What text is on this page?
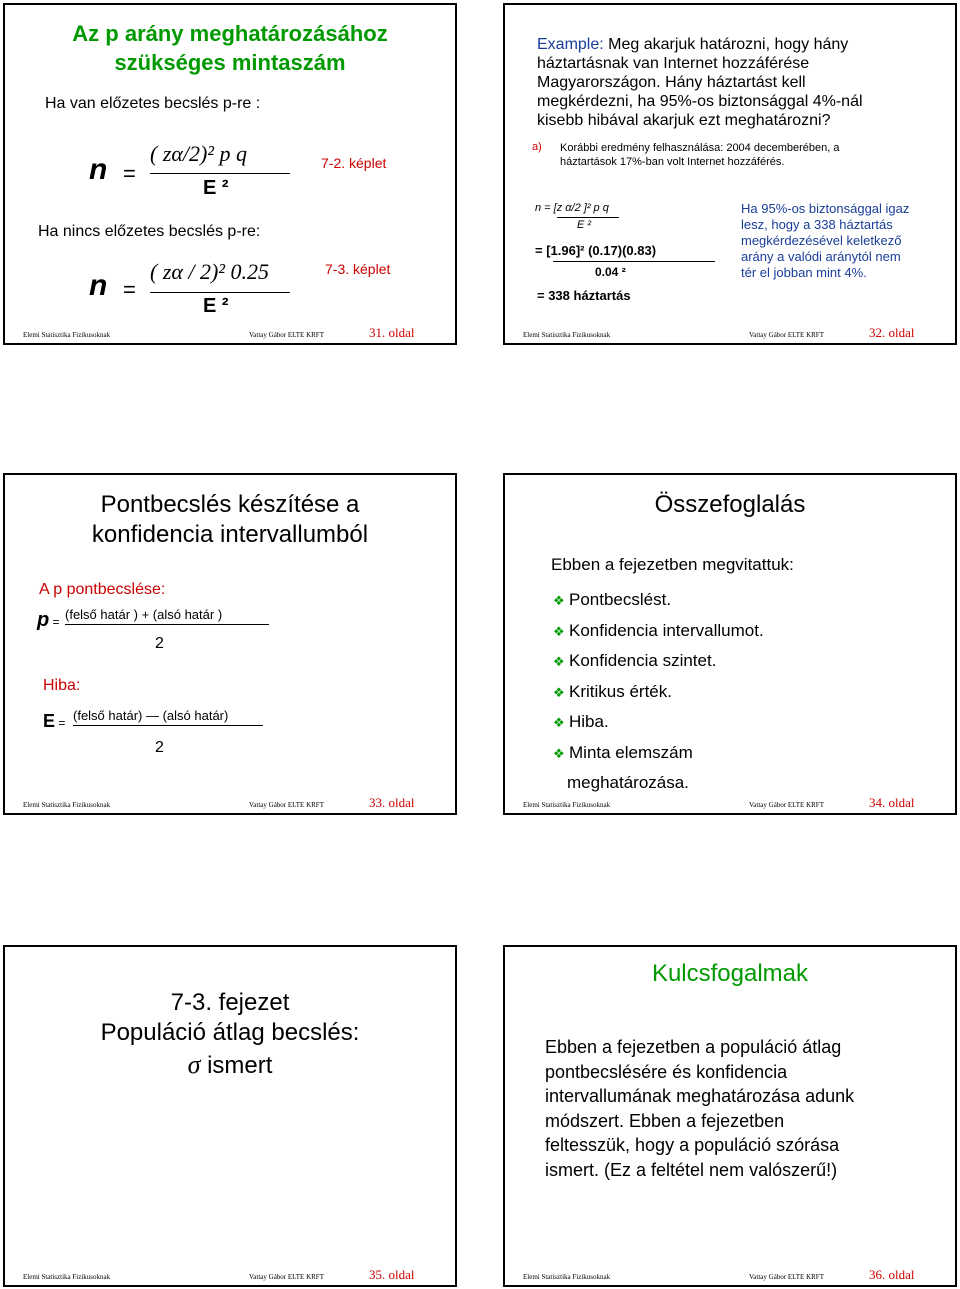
Az p arány meghatározásához
szükséges mintaszám
Ha van előzetes becslés p-re :
n =
( zα/2)² p q
E ²
7-2. képlet
Ha nincs előzetes becslés p-re:
n =
( zα / 2)² 0.25
E ²
7-3. képlet
Elemi Statisztika Fizikusoknak	Vattay Gábor ELTE KRFT	31. oldal
Example: Meg akarjuk határozni, hogy hány
háztartásnak van Internet hozzáférése
Magyarországon. Hány háztartást kell
megkérdezni, ha 95%-os biztonsággal 4%-nál
kisebb hibával akarjuk ezt meghatározni?
a) Korábbi eredmény felhasználása: 2004 decemberében, a
háztartások 17%-ban volt Internet hozzáférés.
n = [z α/2 ]² p q
E ²
= [1.96]² (0.17)(0.83)
0.04 ²
= 338 háztartás
Ha 95%-os biztonsággal igaz
lesz, hogy a 338 háztartás
megkérdezésével keletkező
arány a valódi aránytól nem
tér el jobban mint 4%.
Elemi Statisztika Fizikusoknak	Vattay Gábor ELTE KRFT	32. oldal
Pontbecslés készítése a
konfidencia intervallumból
A p pontbecslése:
p = (felső határ ) + (alsó határ )
2
Hiba:
E = (felső határ) — (alsó határ)
2
Elemi Statisztika Fizikusoknak	Vattay Gábor ELTE KRFT	33. oldal
Összefoglalás
Ebben a fejezetben megvitattuk:
❖ Pontbecslést.
❖ Konfidencia intervallumot.
❖ Konfidencia szintet.
❖ Kritikus érték.
❖ Hiba.
❖ Minta elemszám
meghatározása.
Elemi Statisztika Fizikusoknak	Vattay Gábor ELTE KRFT	34. oldal
7-3. fejezet
Populáció átlag becslés:
σ ismert
Elemi Statisztika Fizikusoknak	Vattay Gábor ELTE KRFT	35. oldal
Kulcsfogalmak
Ebben a fejezetben a populáció átlag
pontbecslésére és konfidencia
intervallumának meghatározása adunk
módszert. Ebben a fejezetben
feltesszük, hogy a populáció szórása
ismert. (Ez a feltétel nem valószerű!)
Elemi Statisztika Fizikusoknak	Vattay Gábor ELTE KRFT	36. oldal
